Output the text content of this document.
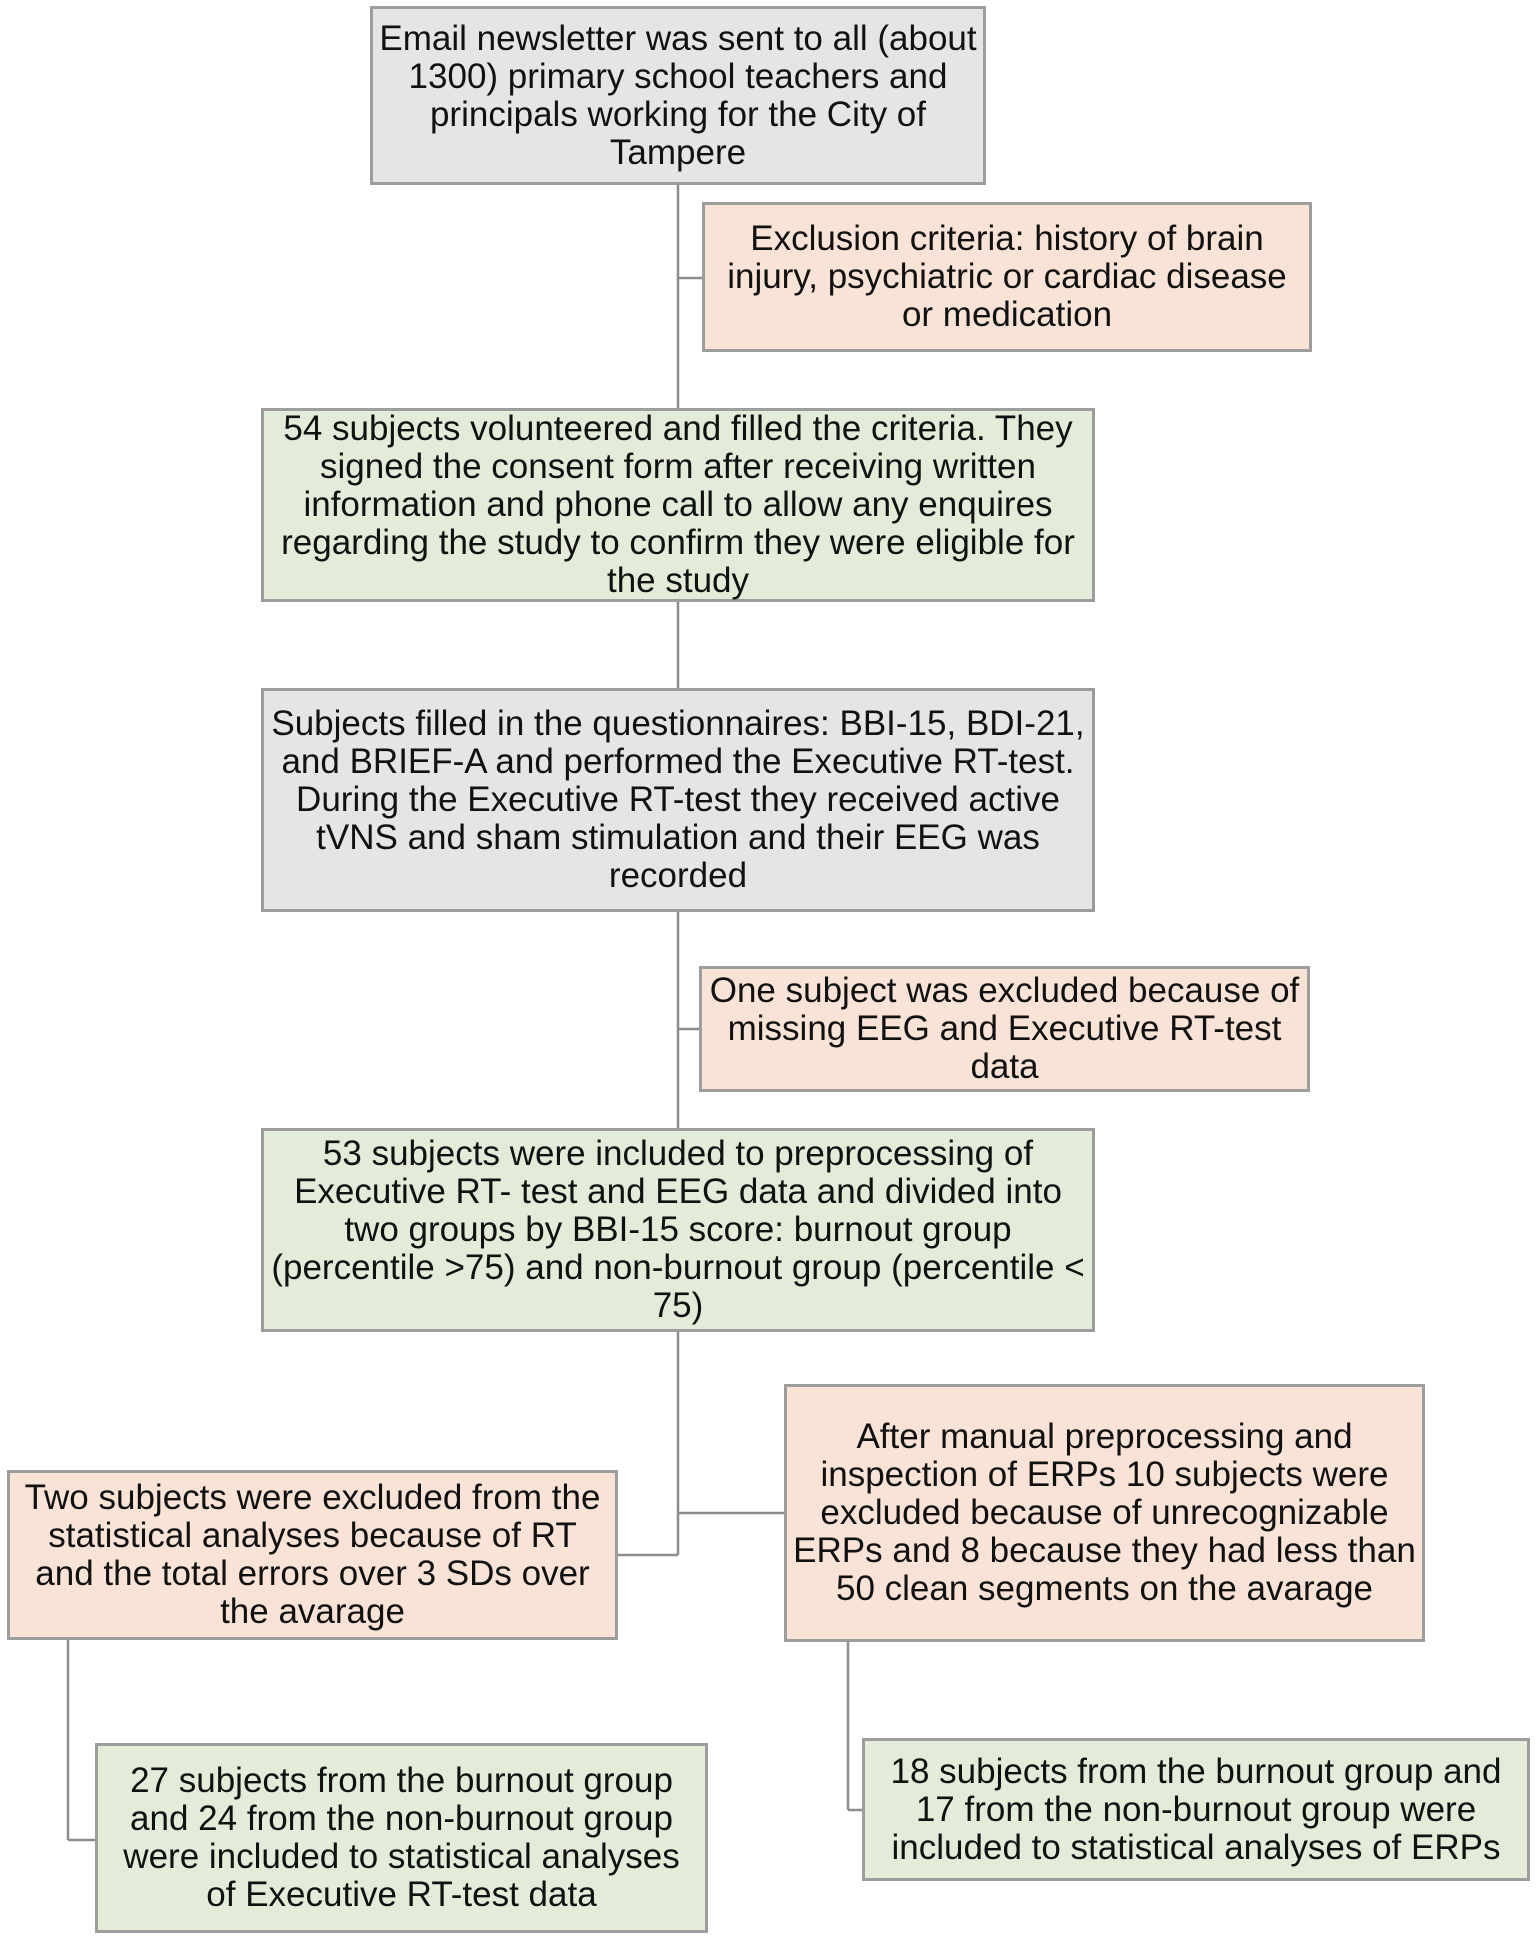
Email newsletter was sent to all (about 1300) primary school teachers and principals working for the City of Tampere
Exclusion criteria: history of brain injury, psychiatric or cardiac disease or medication
54 subjects volunteered and filled the criteria. They signed the consent form after receiving written information and phone call to allow any enquires regarding the study to confirm they were eligible for the study
Subjects filled in the questionnaires: BBI-15, BDI-21, and BRIEF-A and performed the Executive RT-test. During the Executive RT-test they received active tVNS and sham stimulation and their EEG was recorded
One subject was excluded because of missing EEG and Executive RT-test data
53 subjects were included to preprocessing of Executive RT- test and EEG data and divided into two groups by BBI-15 score: burnout group (percentile >75) and non-burnout group (percentile < 75)
After manual preprocessing and inspection of ERPs 10 subjects were excluded because of unrecognizable ERPs and 8 because they had less than 50 clean segments on the avarage
Two subjects were excluded from the statistical analyses because of RT and the total errors over 3 SDs over the avarage
27 subjects from the burnout group and 24 from the non-burnout group were included to statistical analyses of Executive RT-test data
18 subjects from the burnout group and 17 from the non-burnout group were included to statistical analyses of ERPs
